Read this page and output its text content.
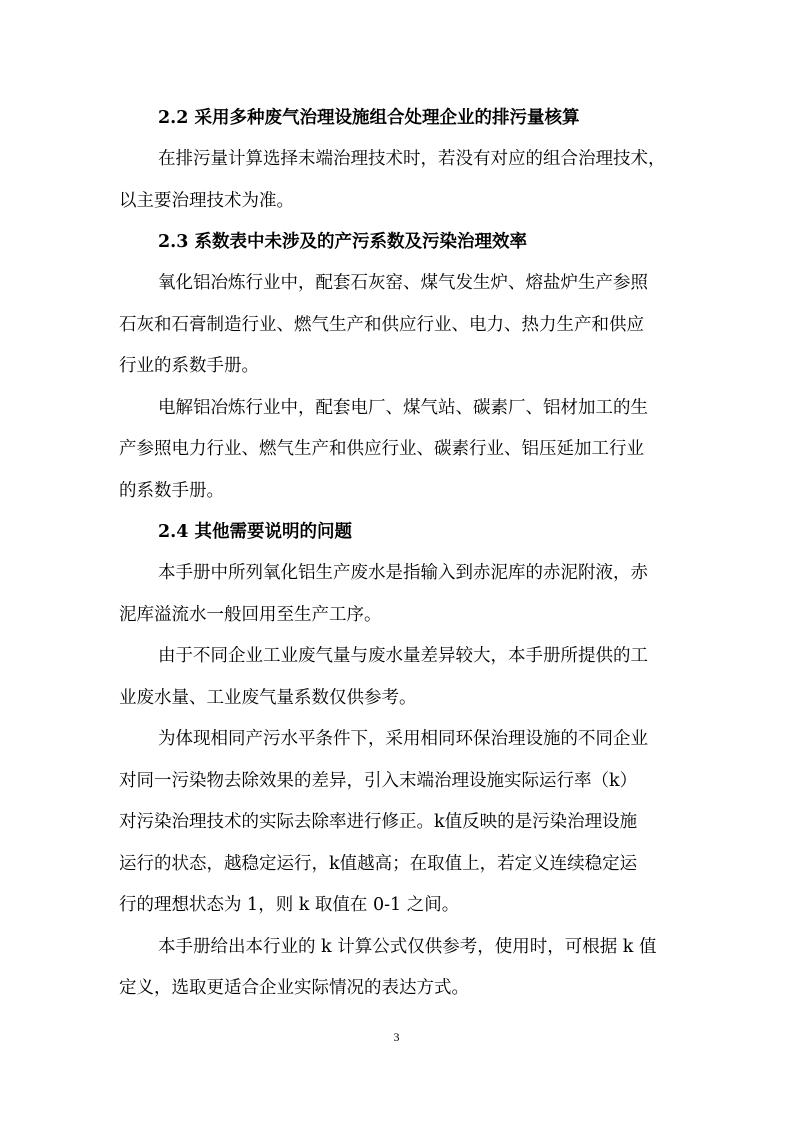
2.2 采用多种废气治理设施组合处理企业的排污量核算

在排污量计算选择末端治理技术时，若没有对应的组合治理技术，
以主要治理技术为准。

2.3 系数表中未涉及的产污系数及污染治理效率

氧化铝冶炼行业中，配套石灰窑、煤气发生炉、熔盐炉生产参照
石灰和石膏制造行业、燃气生产和供应行业、电力、热力生产和供应
行业的系数手册。

电解铝冶炼行业中，配套电厂、煤气站、碳素厂、铝材加工的生
产参照电力行业、燃气生产和供应行业、碳素行业、铝压延加工行业
的系数手册。

2.4 其他需要说明的问题

本手册中所列氧化铝生产废水是指输入到赤泥库的赤泥附液，赤
泥库溢流水一般回用至生产工序。

由于不同企业工业废气量与废水量差异较大，本手册所提供的工
业废水量、工业废气量系数仅供参考。

为体现相同产污水平条件下，采用相同环保治理设施的不同企业
对同一污染物去除效果的差异，引入末端治理设施实际运行率（k）
对污染治理技术的实际去除率进行修正。k值反映的是污染治理设施
运行的状态，越稳定运行，k值越高；在取值上，若定义连续稳定运
行的理想状态为 1，则 k 取值在 0-1 之间。

本手册给出本行业的 k 计算公式仅供参考，使用时，可根据 k 值
定义，选取更适合企业实际情况的表达方式。

3
